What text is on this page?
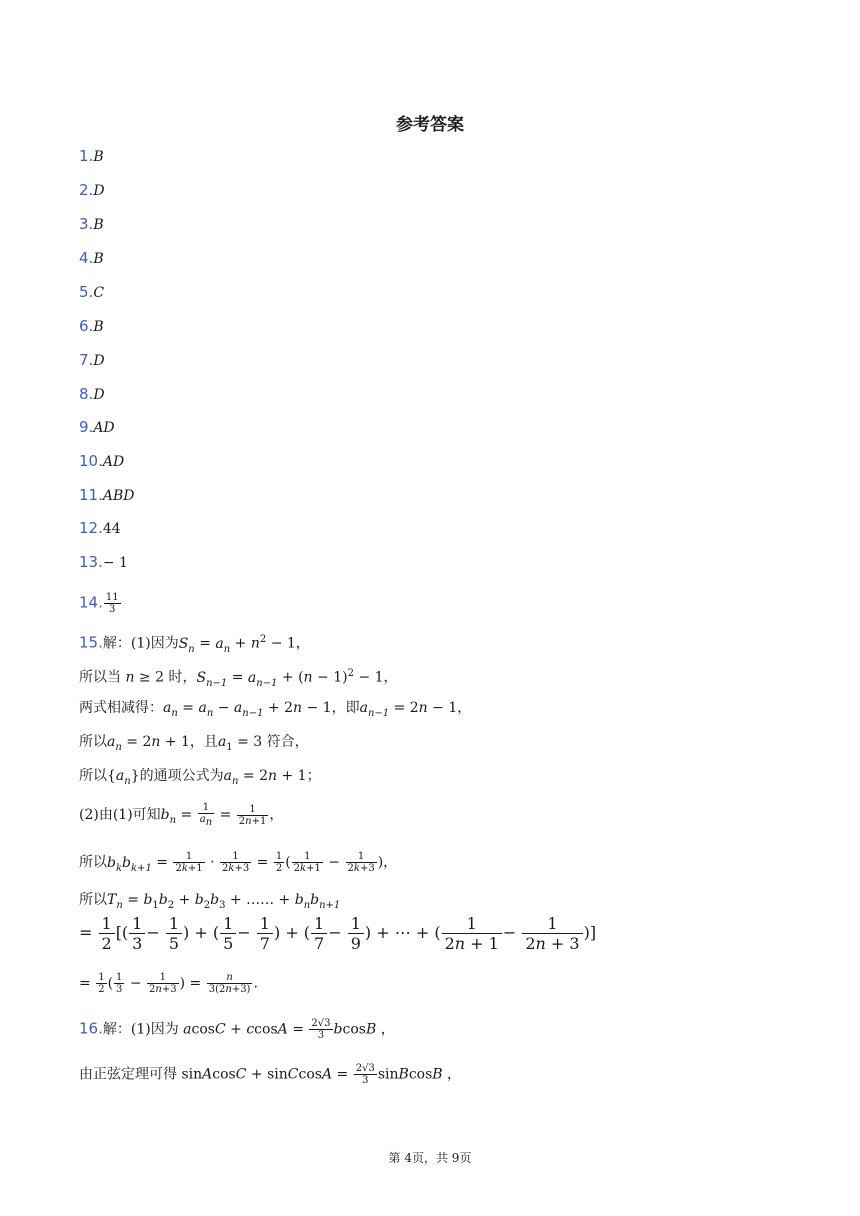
参考答案
1.B
2.D
3.B
4.B
5.C
6.B
7.D
8.D
9.AD
10.AD
11.ABD
12.44
13.− 1
14. $\frac{11}{3}$
15.解：(1)因为$S_n = a_n + n^2 - 1$，
所以当 n ≥ 2 时，$S_{n-1} = a_{n-1} + (n - 1)^2 - 1$，
两式相减得：$a_n = a_n - a_{n-1} + 2n - 1$，即$a_{n-1} = 2n - 1$，
所以$a_n = 2n + 1$，且$a_1 = 3$ 符合，
所以$\{a_n\}$的通项公式为$a_n = 2n + 1$；
(2)由(1)可知$b_n = \frac{1}{a_n} = \frac{1}{2n+1}$ ，
所以$b_kb_{k+1} = \frac{1}{2k+1} \cdot \frac{1}{2k+3} = \frac{1}{2}$ ( $\frac{1}{2k+1} - \frac{1}{2k+3}$ )，
所以$T_n = b_1b_2 + b_2b_3$ + …… + $b_nb_{n+1}$
= $\frac{1}{2}$ [( $\frac{1}{3} - \frac{1}{5}$ ) + ( $\frac{1}{5} - \frac{1}{7}$ ) + ( $\frac{1}{7} - \frac{1}{9}$ ) + ⋯ + ( $\frac{1}{2n + 1} - \frac{1}{2n + 3}$ )]
= $\frac{1}{2}$ ( $\frac{1}{3} - \frac{1}{2n+3}$ ) = $\frac{n}{3(2n+3)}$ .
16.解：(1)因为 $acosC + ccosA = \frac{2√3}{3}$ bcosB ，
由正弦定理可得 sinAcosC + sinCcosA = $\frac{2√3}{3}$ sinBcosB ，
第 4页，共 9页
